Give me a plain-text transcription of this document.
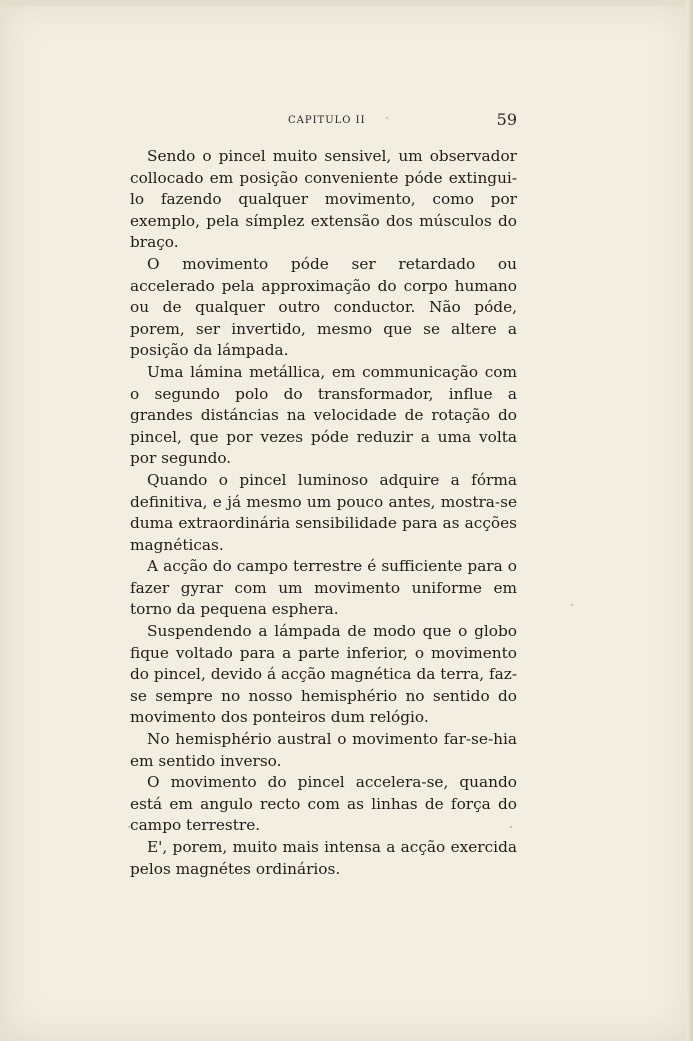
CAPITULO II	59

Sendo o pincel muito sensivel, um observador collocado em posição conveniente póde extingui-lo fazendo qualquer movimento, como por exemplo, pela símplez extensão dos músculos do braço.

O movimento póde ser retardado ou accelerado pela approximação do corpo humano ou de qualquer outro conductor. Não póde, porem, ser invertido, mesmo que se altere a posição da lámpada.

Uma lámina metállica, em communicação com o segundo polo do transformador, influe a grandes distáncias na velocidade de rotação do pincel, que por vezes póde reduzir a uma volta por segundo.

Quando o pincel luminoso adquire a fórma definitiva, e já mesmo um pouco antes, mostra-se duma extraordinária sensibilidade para as acções magnéticas.

A acção do campo terrestre é sufficiente para o fazer gyrar com um movimento uniforme em torno da pequena esphera.

Suspendendo a lámpada de modo que o globo fique voltado para a parte inferior, o movimento do pincel, devido á acção magnética da terra, faz-se sempre no nosso hemisphério no sentido do movimento dos ponteiros dum relógio.

No hemisphério austral o movimento far-se-hia em sentido inverso.

O movimento do pincel accelera-se, quando está em angulo recto com as linhas de força do campo terrestre.

E', porem, muito mais intensa a acção exercida pelos magnétes ordinários.
